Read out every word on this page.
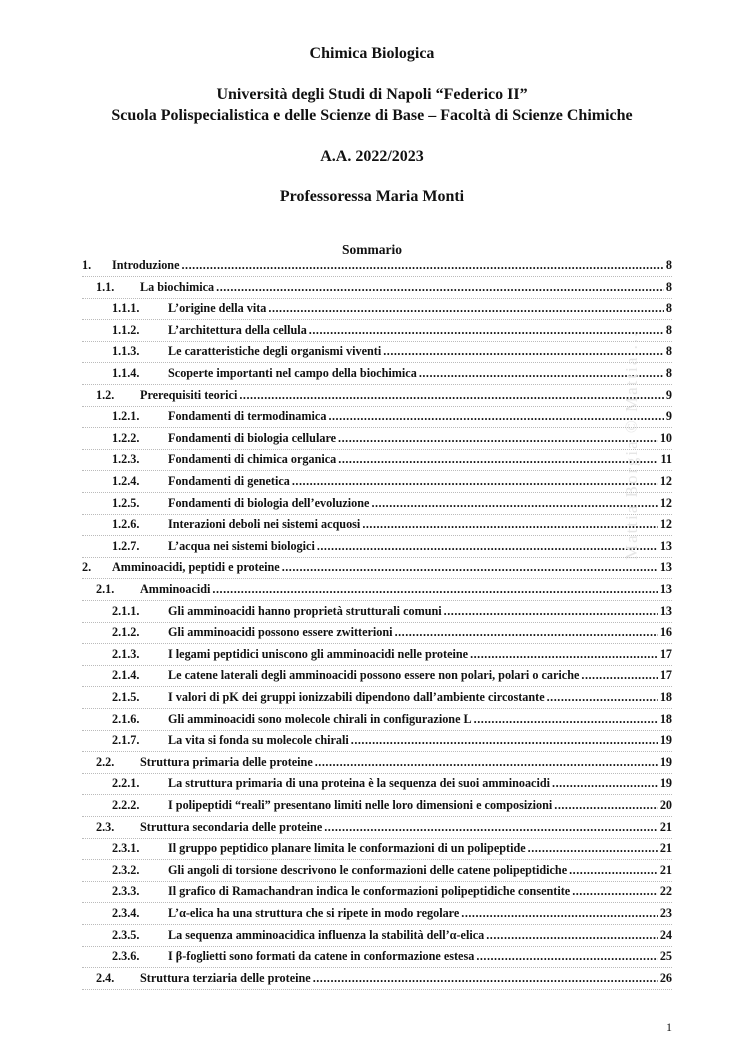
Chimica Biologica
Università degli Studi di Napoli “Federico II”
Scuola Polispecialistica e delle Scienze di Base – Facoltà di Scienze Chimiche
A.A. 2022/2023
Professoressa Maria Monti
Sommario
1.	Introduzione .....	8
1.1.	La biochimica .....	8
1.1.1.	L’origine della vita .....	8
1.1.2.	L’architettura della cellula .....	8
1.1.3.	Le caratteristiche degli organismi viventi .....	8
1.1.4.	Scoperte importanti nel campo della biochimica .....	8
1.2.	Prerequisiti teorici .....	9
1.2.1.	Fondamenti di termodinamica .....	9
1.2.2.	Fondamenti di biologia cellulare .....	10
1.2.3.	Fondamenti di chimica organica .....	11
1.2.4.	Fondamenti di genetica .....	12
1.2.5.	Fondamenti di biologia dell’evoluzione .....	12
1.2.6.	Interazioni deboli nei sistemi acquosi .....	12
1.2.7.	L’acqua nei sistemi biologici .....	13
2.	Amminoacidi, peptidi e proteine .....	13
2.1.	Amminoacidi .....	13
2.1.1.	Gli amminoacidi hanno proprietà strutturali comuni .....	13
2.1.2.	Gli amminoacidi possono essere zwitterioni .....	16
2.1.3.	I legami peptidici uniscono gli amminoacidi nelle proteine .....	17
2.1.4.	Le catene laterali degli amminoacidi possono essere non polari, polari o cariche .....	17
2.1.5.	I valori di pK dei gruppi ionizzabili dipendono dall’ambiente circostante .....	18
2.1.6.	Gli amminoacidi sono molecole chirali in configurazione L .....	18
2.1.7.	La vita si fonda su molecole chirali .....	19
2.2.	Struttura primaria delle proteine .....	19
2.2.1.	La struttura primaria di una proteina è la sequenza dei suoi amminoacidi .....	19
2.2.2.	I polipeptidi “reali” presentano limiti nelle loro dimensioni e composizioni .....	20
2.3.	Struttura secondaria delle proteine .....	21
2.3.1.	Il gruppo peptidico planare limita le conformazioni di un polipeptide .....	21
2.3.2.	Gli angoli di torsione descrivono le conformazioni delle catene polipeptidiche .....	21
2.3.3.	Il grafico di Ramachandran indica le conformazioni polipeptidiche consentite .....	22
2.3.4.	L’α-elica ha una struttura che si ripete in modo regolare .....	23
2.3.5.	La sequenza amminoacidica influenza la stabilità dell’α-elica .....	24
2.3.6.	I β-foglietti sono formati da catene in conformazione estesa .....	25
2.4.	Struttura terziaria delle proteine .....	26
Mattia Borgia © Mattia ...
1
